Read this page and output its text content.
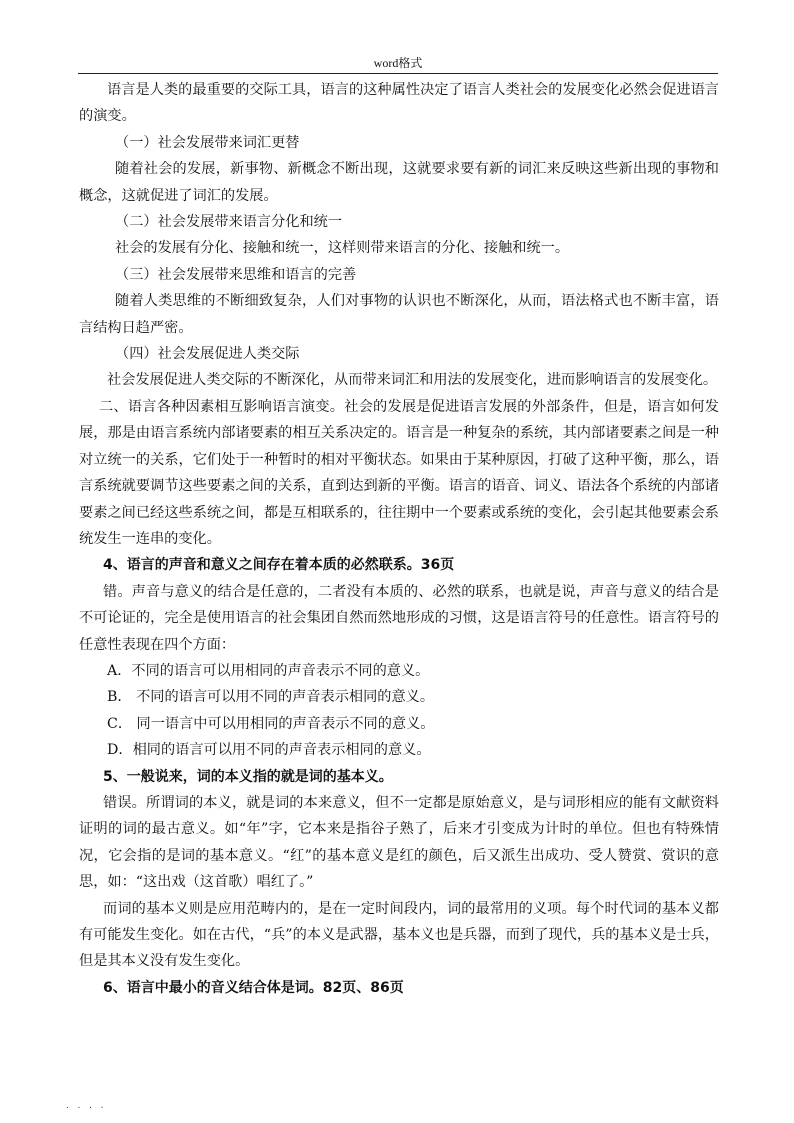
word格式

语言是人类的最重要的交际工具，语言的这种属性决定了语言人类社会的发展变化必然会促进语言的演变。

（一）社会发展带来词汇更替

随着社会的发展，新事物、新概念不断出现，这就要求要有新的词汇来反映这些新出现的事物和概念，这就促进了词汇的发展。

（二）社会发展带来语言分化和统一

社会的发展有分化、接触和统一，这样则带来语言的分化、接触和统一。

（三）社会发展带来思维和语言的完善

随着人类思维的不断细致复杂，人们对事物的认识也不断深化，从而，语法格式也不断丰富，语言结构日趋严密。

（四）社会发展促进人类交际

社会发展促进人类交际的不断深化，从而带来词汇和用法的发展变化，进而影响语言的发展变化。

二、语言各种因素相互影响语言演变。社会的发展是促进语言发展的外部条件，但是，语言如何发展，那是由语言系统内部诸要素的相互关系决定的。语言是一种复杂的系统，其内部诸要素之间是一种对立统一的关系，它们处于一种暂时的相对平衡状态。如果由于某种原因，打破了这种平衡，那么，语言系统就要调节这些要素之间的关系，直到达到新的平衡。语言的语音、词义、语法各个系统的内部诸要素之间已经这些系统之间，都是互相联系的，往往期中一个要素或系统的变化，会引起其他要素会系统发生一连串的变化。

4、语言的声音和意义之间存在着本质的必然联系。36页

错。声音与意义的结合是任意的，二者没有本质的、必然的联系，也就是说，声音与意义的结合是不可论证的，完全是使用语言的社会集团自然而然地形成的习惯，这是语言符号的任意性。语言符号的任意性表现在四个方面：

A．不同的语言可以用相同的声音表示不同的意义。

B． 不同的语言可以用不同的声音表示相同的意义。

C． 同一语言中可以用相同的声音表示不同的意义。

D．相同的语言可以用不同的声音表示相同的意义。

5、一般说来，词的本义指的就是词的基本义。

错误。所谓词的本义，就是词的本来意义，但不一定都是原始意义，是与词形相应的能有文献资料证明的词的最古意义。如“年”字，它本来是指谷子熟了，后来才引变成为计时的单位。但也有特殊情况，它会指的是词的基本意义。“红”的基本意义是红的颜色，后又派生出成功、受人赞赏、赏识的意思，如：“这出戏（这首歌）唱红了。”

而词的基本义则是应用范畴内的，是在一定时间段内，词的最常用的义项。每个时代词的基本义都有可能发生变化。如在古代，“兵”的本义是武器，基本义也是兵器，而到了现代，兵的基本义是士兵，但是其本义没有发生变化。

6、语言中最小的音义结合体是词。82页、86页

. . . .
